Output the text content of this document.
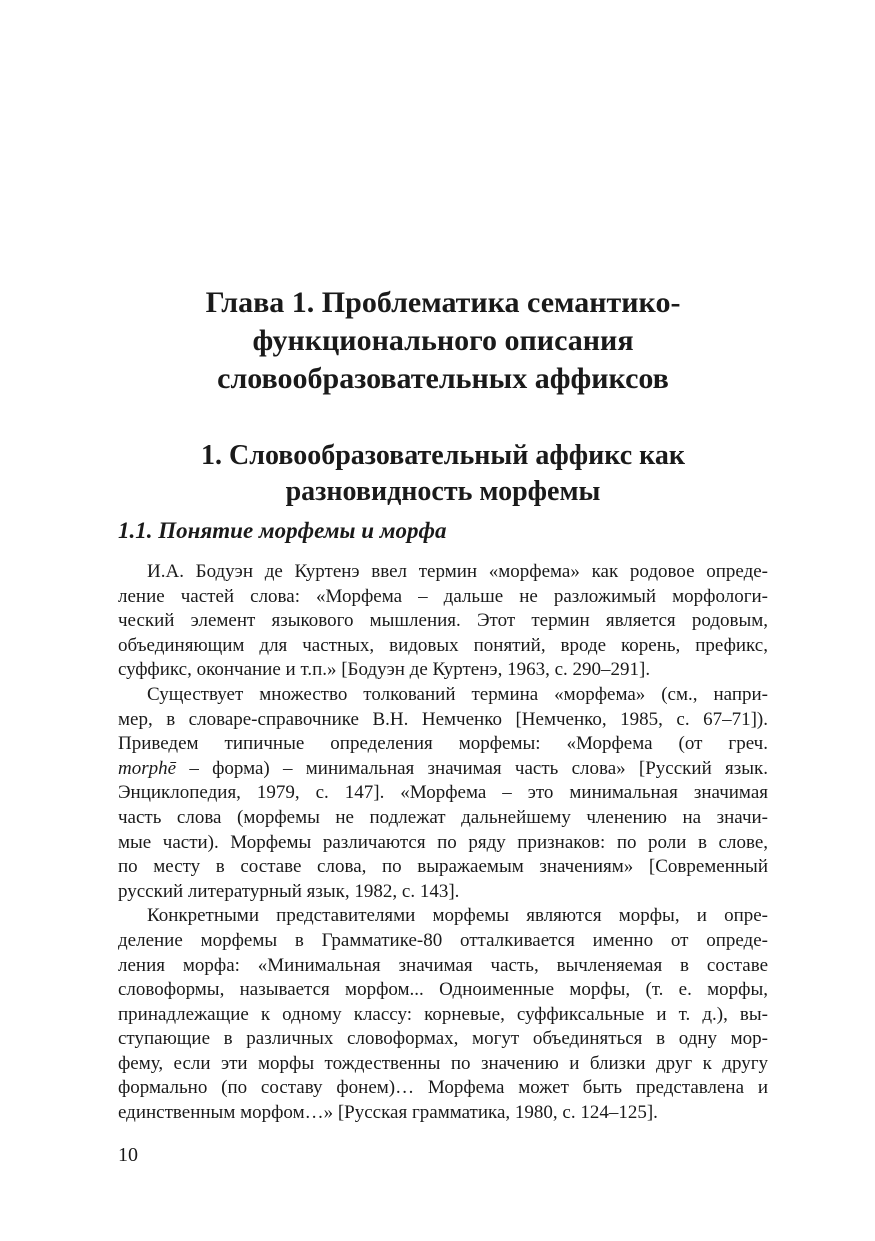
Глава 1. Проблематика семантико-
функционального описания
словообразовательных аффиксов
1. Словообразовательный аффикс как
разновидность морфемы
1.1. Понятие морфемы и морфа
И.А. Бодуэн де Куртенэ ввел термин «морфема» как родовое опреде-
ление частей слова: «Морфема – дальше не разложимый морфологи-
ческий элемент языкового мышления. Этот термин является родовым,
объединяющим для частных, видовых понятий, вроде корень, префикс,
суффикс, окончание и т.п.» [Бодуэн де Куртенэ, 1963, с. 290–291].
Существует множество толкований термина «морфема» (см., напри-
мер, в словаре-справочнике В.Н. Немченко [Немченко, 1985, с. 67–71]).
Приведем типичные определения морфемы: «Морфема (от греч.
morphē – форма) – минимальная значимая часть слова» [Русский язык.
Энциклопедия, 1979, с. 147]. «Морфема – это минимальная значимая
часть слова (морфемы не подлежат дальнейшему членению на значи-
мые части). Морфемы различаются по ряду признаков: по роли в слове,
по месту в составе слова, по выражаемым значениям» [Современный
русский литературный язык, 1982, с. 143].
Конкретными представителями морфемы являются морфы, и опре-
деление морфемы в Грамматике-80 отталкивается именно от опреде-
ления морфа: «Минимальная значимая часть, вычленяемая в составе
словоформы, называется морфом... Одноименные морфы, (т. е. морфы,
принадлежащие к одному классу: корневые, суффиксальные и т. д.), вы-
ступающие в различных словоформах, могут объединяться в одну мор-
фему, если эти морфы тождественны по значению и близки друг к другу
формально (по составу фонем)… Морфема может быть представлена и
единственным морфом…» [Русская грамматика, 1980, с. 124–125].
10
